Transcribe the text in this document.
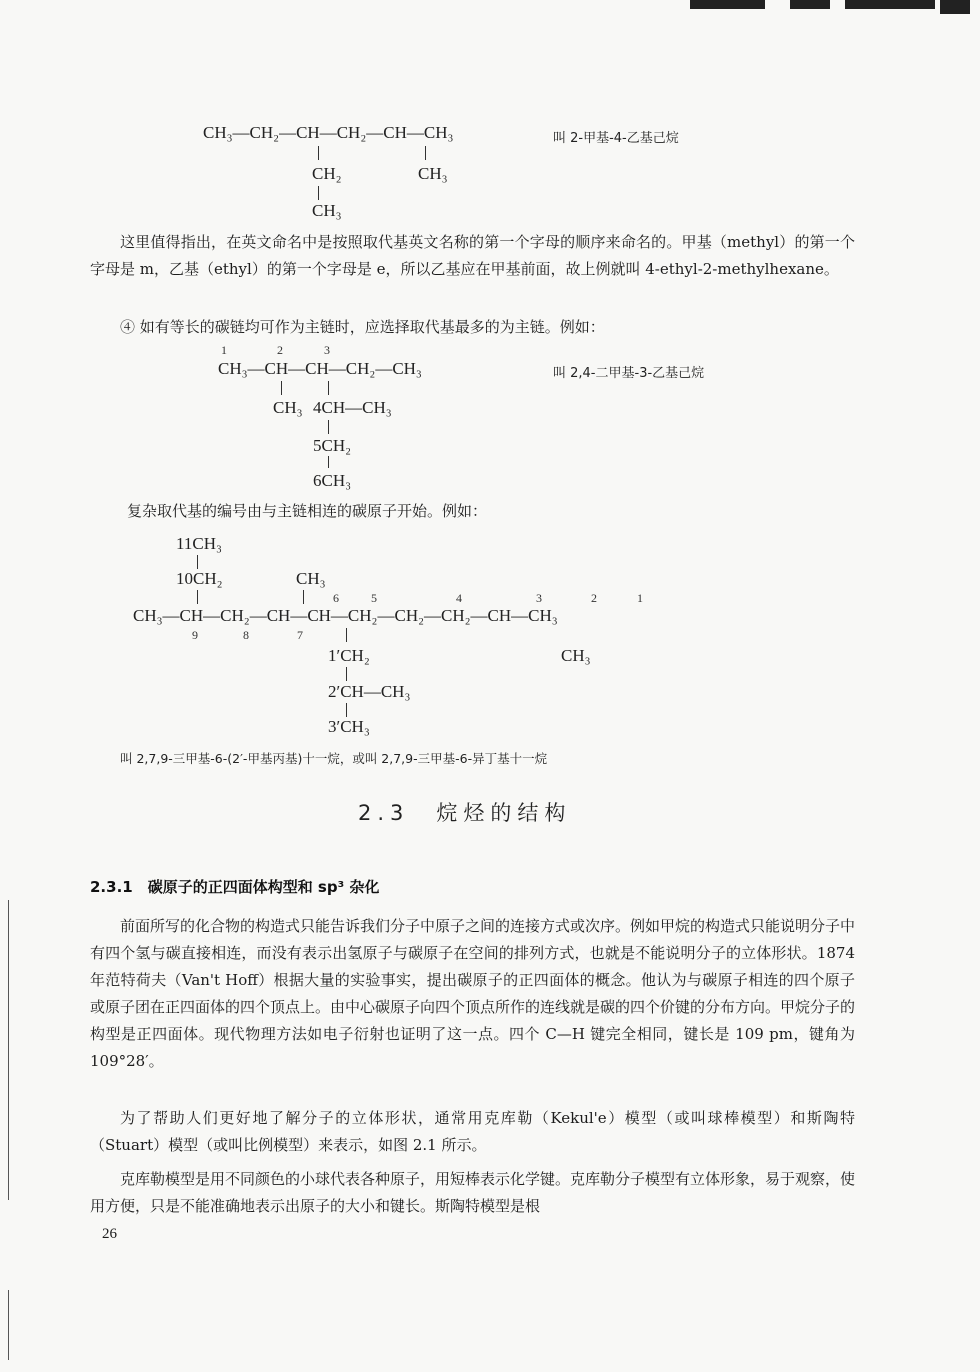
CH₃—CH₂—CH—CH₂—CH—CH₃
CH₂	CH₃
CH₃
叫 2-甲基-4-乙基己烷
这里值得指出，在英文命名中是按照取代基英文名称的第一个字母的顺序来命名的。甲基（methyl）的第一个字母是 m，乙基（ethyl）的第一个字母是 e，所以乙基应在甲基前面，故上例就叫 4-ethyl-2-methylhexane。
④ 如有等长的碳链均可作为主链时，应选择取代基最多的为主链。例如：
1	2	3
CH₃—CH—CH—CH₂—CH₃
CH₃ 4CH—CH₃
5CH₂
6CH₃
叫 2,4-二甲基-3-乙基己烷
复杂取代基的编号由与主链相连的碳原子开始。例如：
11CH₃
10CH₂	CH₃
6	5	4	3	2	1
CH₃—CH—CH₂—CH—CH—CH₂—CH₂—CH₂—CH—CH₃
9	8	7
1′CH₂	CH₃
2′CH—CH₃
3′CH₃
叫 2,7,9-三甲基-6-(2′-甲基丙基)十一烷，或叫 2,7,9-三甲基-6-异丁基十一烷
2.3　烷烃的结构
2.3.1　碳原子的正四面体构型和 sp³ 杂化
前面所写的化合物的构造式只能告诉我们分子中原子之间的连接方式或次序。例如甲烷的构造式只能说明分子中有四个氢与碳直接相连，而没有表示出氢原子与碳原子在空间的排列方式，也就是不能说明分子的立体形状。1874 年范特荷夫（Van't Hoff）根据大量的实验事实，提出碳原子的正四面体的概念。他认为与碳原子相连的四个原子或原子团在正四面体的四个顶点上。由中心碳原子向四个顶点所作的连线就是碳的四个价键的分布方向。甲烷分子的构型是正四面体。现代物理方法如电子衍射也证明了这一点。四个 C—H 键完全相同，键长是 109 pm，键角为 109°28′。
为了帮助人们更好地了解分子的立体形状，通常用克库勒（Kekul'e）模型（或叫球棒模型）和斯陶特（Stuart）模型（或叫比例模型）来表示，如图 2.1 所示。
克库勒模型是用不同颜色的小球代表各种原子，用短棒表示化学键。克库勒分子模型有立体形象，易于观察，使用方便，只是不能准确地表示出原子的大小和键长。斯陶特模型是根
26
